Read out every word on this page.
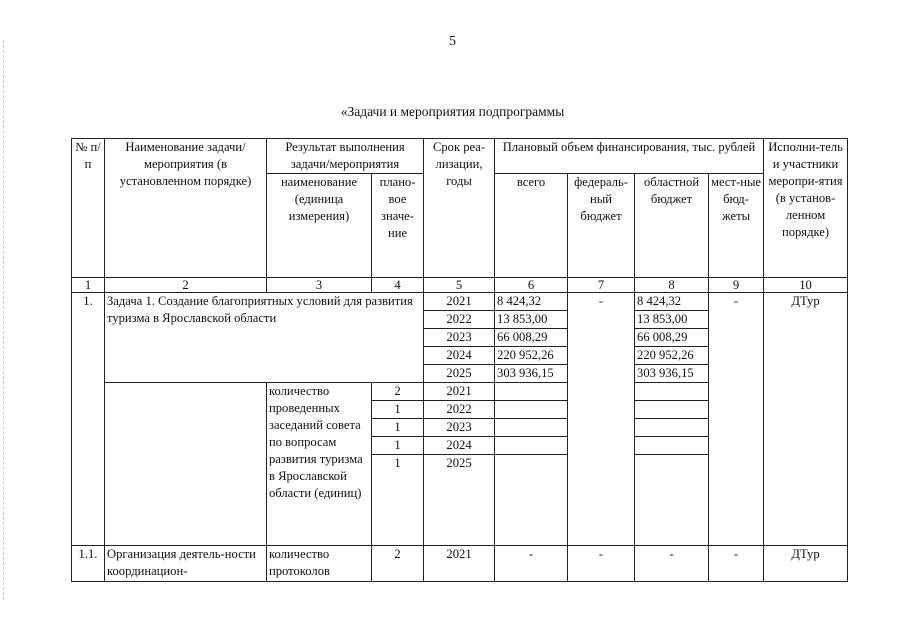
5
«Задачи и мероприятия подпрограммы
№ п/п	Наименование задачи/мероприятия (в установленном порядке)	Результат выполнения задачи/мероприятия		Срок реа-лизации, годы	Плановый объем финансирования, тыс. рублей				Исполни-тель и участники меропри-ятия (в установ-ленном порядке)
		наименование (единица измерения)	плано-вое значе-ние		всего	федераль-ный бюджет	областной бюджет	мест-ные бюд-жеты	
1	2	3	4	5	6	7	8	9	10
1.	Задача 1. Создание благоприятных условий для развития туризма в Ярославской области			2021	8 424,32	-	8 424,32	-	ДТур
				2022	13 853,00		13 853,00		
				2023	66 008,29		66 008,29		
				2024	220 952,26		220 952,26		
				2025	303 936,15		303 936,15		
		количество проведенных заседаний совета по вопросам развития туризма в Ярославской области (единиц)	2	2021					
			1	2022					
			1	2023					
			1	2024					
			1	2025					
1.1.	Организация деятель-ности координацион-	количество протоколов	2	2021	-	-	-	-	ДТур
